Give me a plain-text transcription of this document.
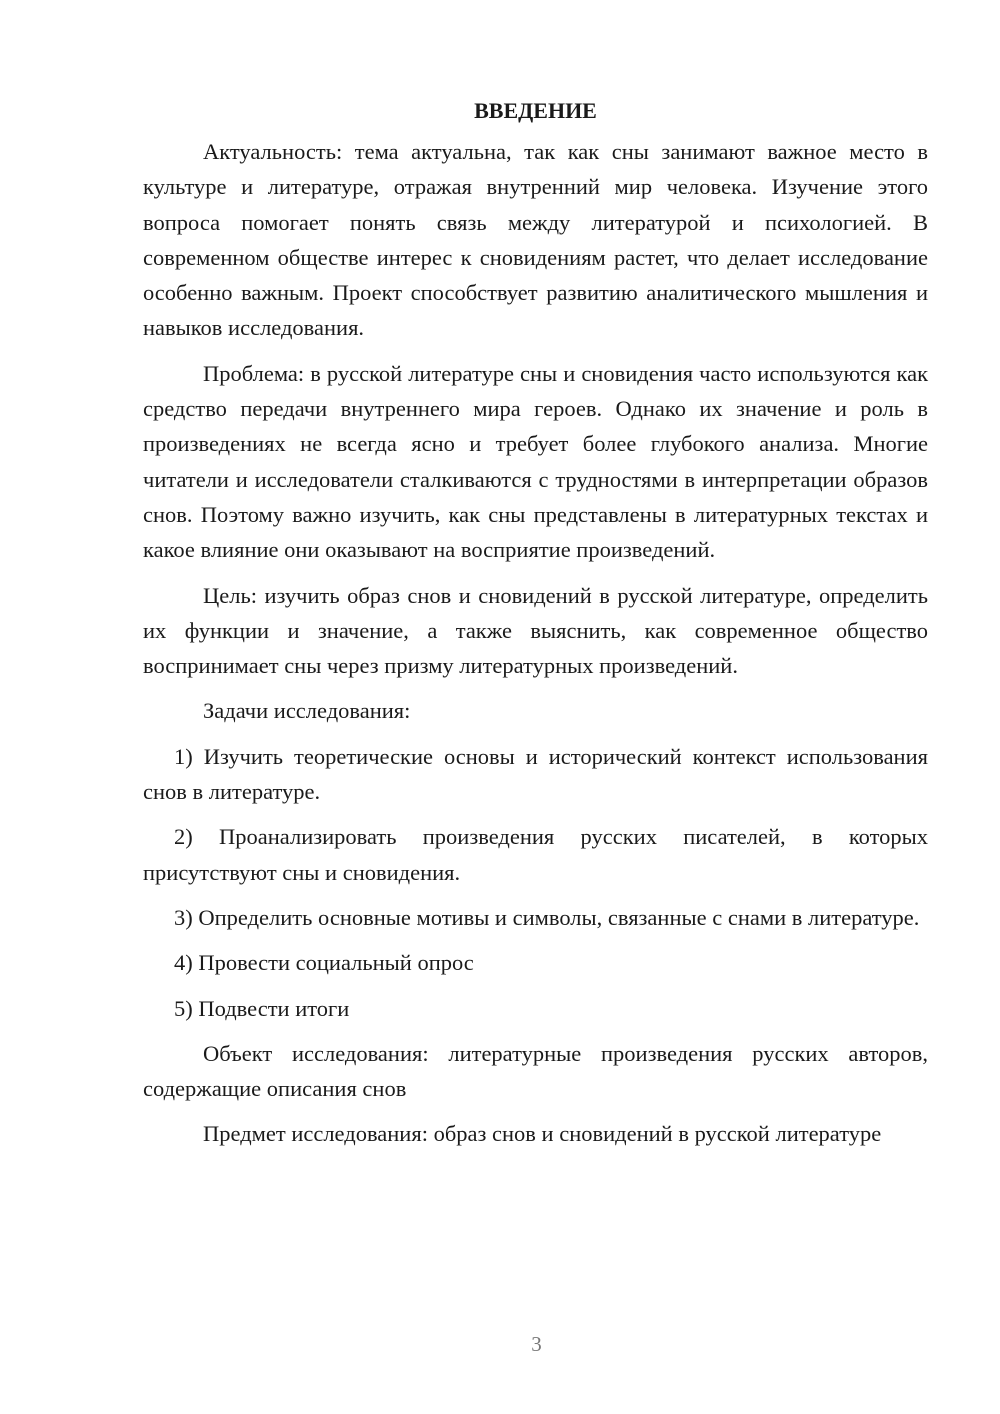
ВВЕДЕНИЕ

Актуальность: тема актуальна, так как сны занимают важное место в культуре и литературе, отражая внутренний мир человека. Изучение этого вопроса помогает понять связь между литературой и психологией. В современном обществе интерес к сновидениям растет, что делает исследование особенно важным. Проект способствует развитию аналитического мышления и навыков исследования.

Проблема: в русской литературе сны и сновидения часто используются как средство передачи внутреннего мира героев. Однако их значение и роль в произведениях не всегда ясно и требует более глубокого анализа. Многие читатели и исследователи сталкиваются с трудностями в интерпретации образов снов. Поэтому важно изучить, как сны представлены в литературных текстах и какое влияние они оказывают на восприятие произведений.

Цель: изучить образ снов и сновидений в русской литературе, определить их функции и значение, а также выяснить, как современное общество воспринимает сны через призму литературных произведений.

Задачи исследования:

1) Изучить теоретические основы и исторический контекст использования снов в литературе.

2) Проанализировать произведения русских писателей, в которых присутствуют сны и сновидения.

3) Определить основные мотивы и символы, связанные с снами в литературе.

4) Провести социальный опрос

5) Подвести итоги

Объект исследования: литературные произведения русских авторов, содержащие описания снов

Предмет исследования: образ снов и сновидений в русской литературе

3
